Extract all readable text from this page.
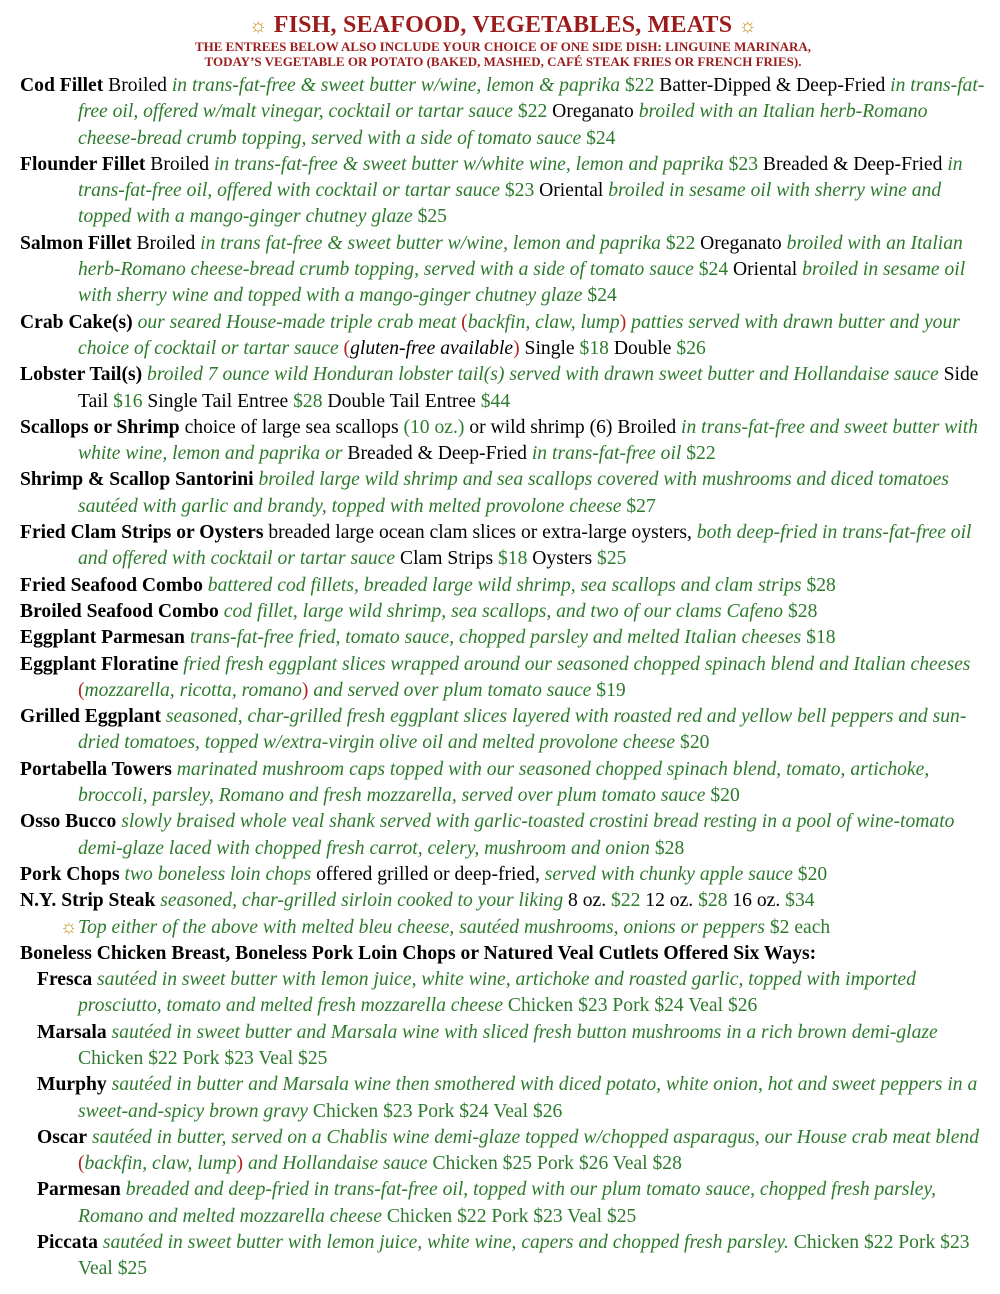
☼ FISH, SEAFOOD, VEGETABLES, MEATS ☼
THE ENTREES BELOW ALSO INCLUDE YOUR CHOICE OF ONE SIDE DISH: LINGUINE MARINARA,
TODAY’S VEGETABLE OR POTATO (BAKED, MASHED, CAFÉ STEAK FRIES OR FRENCH FRIES).
Cod Fillet Broiled in trans-fat-free & sweet butter w/wine, lemon & paprika $22 Batter-Dipped & Deep-Fried in trans-fat-free oil, offered w/malt vinegar, cocktail or tartar sauce $22 Oreganato broiled with an Italian herb-Romano cheese-bread crumb topping, served with a side of tomato sauce $24
Flounder Fillet Broiled in trans-fat-free & sweet butter w/white wine, lemon and paprika $23 Breaded & Deep-Fried in trans-fat-free oil, offered with cocktail or tartar sauce $23 Oriental broiled in sesame oil with sherry wine and topped with a mango-ginger chutney glaze $25
Salmon Fillet Broiled in trans fat-free & sweet butter w/wine, lemon and paprika $22 Oreganato broiled with an Italian herb-Romano cheese-bread crumb topping, served with a side of tomato sauce $24 Oriental broiled in sesame oil with sherry wine and topped with a mango-ginger chutney glaze $24
Crab Cake(s) our seared House-made triple crab meat (backfin, claw, lump) patties served with drawn butter and your choice of cocktail or tartar sauce (gluten-free available) Single $18 Double $26
Lobster Tail(s) broiled 7 ounce wild Honduran lobster tail(s) served with drawn sweet butter and Hollandaise sauce Side Tail $16 Single Tail Entree $28 Double Tail Entree $44
Scallops or Shrimp choice of large sea scallops (10 oz.) or wild shrimp (6) Broiled in trans-fat-free and sweet butter with white wine, lemon and paprika or Breaded & Deep-Fried in trans-fat-free oil $22
Shrimp & Scallop Santorini broiled large wild shrimp and sea scallops covered with mushrooms and diced tomatoes sautéed with garlic and brandy, topped with melted provolone cheese $27
Fried Clam Strips or Oysters breaded large ocean clam slices or extra-large oysters, both deep-fried in trans-fat-free oil and offered with cocktail or tartar sauce Clam Strips $18 Oysters $25
Fried Seafood Combo battered cod fillets, breaded large wild shrimp, sea scallops and clam strips $28
Broiled Seafood Combo cod fillet, large wild shrimp, sea scallops, and two of our clams Cafeno $28
Eggplant Parmesan trans-fat-free fried, tomato sauce, chopped parsley and melted Italian cheeses $18
Eggplant Floratine fried fresh eggplant slices wrapped around our seasoned chopped spinach blend and Italian cheeses (mozzarella, ricotta, romano) and served over plum tomato sauce $19
Grilled Eggplant seasoned, char-grilled fresh eggplant slices layered with roasted red and yellow bell peppers and sun-dried tomatoes, topped w/extra-virgin olive oil and melted provolone cheese $20
Portabella Towers marinated mushroom caps topped with our seasoned chopped spinach blend, tomato, artichoke, broccoli, parsley, Romano and fresh mozzarella, served over plum tomato sauce $20
Osso Bucco slowly braised whole veal shank served with garlic-toasted crostini bread resting in a pool of wine-tomato demi-glaze laced with chopped fresh carrot, celery, mushroom and onion $28
Pork Chops two boneless loin chops offered grilled or deep-fried, served with chunky apple sauce $20
N.Y. Strip Steak seasoned, char-grilled sirloin cooked to your liking 8 oz. $22 12 oz. $28 16 oz. $34
☼Top either of the above with melted bleu cheese, sautéed mushrooms, onions or peppers $2 each
Boneless Chicken Breast, Boneless Pork Loin Chops or Natured Veal Cutlets Offered Six Ways:
Fresca sautéed in sweet butter with lemon juice, white wine, artichoke and roasted garlic, topped with imported prosciutto, tomato and melted fresh mozzarella cheese Chicken $23 Pork $24 Veal $26
Marsala sautéed in sweet butter and Marsala wine with sliced fresh button mushrooms in a rich brown demi-glaze Chicken $22 Pork $23 Veal $25
Murphy sautéed in butter and Marsala wine then smothered with diced potato, white onion, hot and sweet peppers in a sweet-and-spicy brown gravy Chicken $23 Pork $24 Veal $26
Oscar sautéed in butter, served on a Chablis wine demi-glaze topped w/chopped asparagus, our House crab meat blend (backfin, claw, lump) and Hollandaise sauce Chicken $25 Pork $26 Veal $28
Parmesan breaded and deep-fried in trans-fat-free oil, topped with our plum tomato sauce, chopped fresh parsley, Romano and melted mozzarella cheese Chicken $22 Pork $23 Veal $25
Piccata sautéed in sweet butter with lemon juice, white wine, capers and chopped fresh parsley. Chicken $22 Pork $23 Veal $25
